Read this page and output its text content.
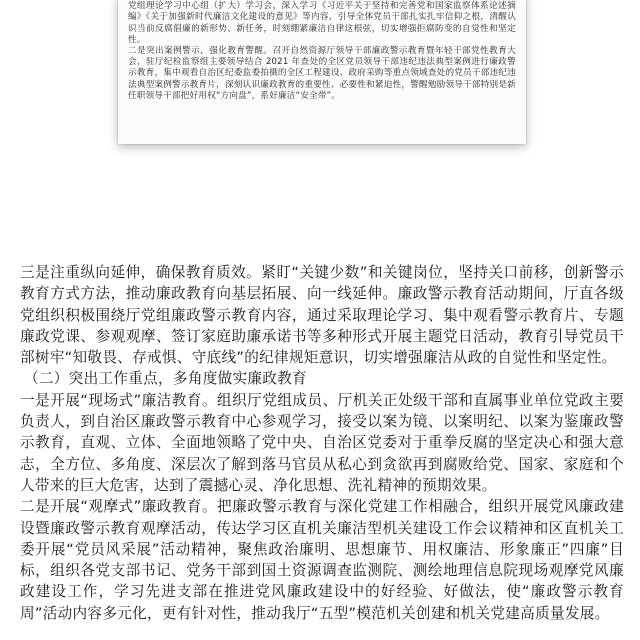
党组理论学习中心组（扩大）学习会，深入学习《习近平关于坚持和完善党和国家监察体系论述摘编》《关于加强新时代廉洁文化建设的意见》等内容，引导全体党员干部扎实扎牢信仰之根，清醒认识当前反腐倡廉的新形势、新任务，时刻绷紧廉洁自律这根弦，切实增强拒腐防变的自觉性和坚定性。

二是突出案例警示，强化教育警醒。召开自然资源厅领导干部廉政警示教育暨年轻干部党性教育大会，驻厅纪检监察组主要领导结合 2021 年查处的全区党员领导干部违纪违法典型案例进行廉政警示教育，集中观看自治区纪委监委拍摄的全区工程建设、政府采购等重点领域查处的党员干部违纪违法典型案例警示教育片，深刻认识廉政教育的重要性、必要性和紧迫性，警醒勉励领导干部特别是新任职领导干部把好用权“方向盘”，系好廉洁“安全带”。

三是注重纵向延伸，确保教育质效。紧盯“关键少数”和关键岗位，坚持关口前移，创新警示教育方式方法，推动廉政教育向基层拓展、向一线延伸。廉政警示教育活动期间，厅直各级党组织积极围绕厅党组廉政警示教育内容，通过采取理论学习、集中观看警示教育片、专题廉政党课、参观观摩、签订家庭助廉承诺书等多种形式开展主题党日活动，教育引导党员干部树牢“知敬畏、存戒惧、守底线”的纪律规矩意识，切实增强廉洁从政的自觉性和坚定性。

（二）突出工作重点，多角度做实廉政教育

一是开展“现场式”廉洁教育。组织厅党组成员、厅机关正处级干部和直属事业单位党政主要负责人，到自治区廉政警示教育中心参观学习，接受以案为镜、以案明纪、以案为鉴廉政警示教育，直观、立体、全面地领略了党中央、自治区党委对于重拳反腐的坚定决心和强大意志，全方位、多角度、深层次了解到落马官员从私心到贪欲再到腐败给党、国家、家庭和个人带来的巨大危害，达到了震撼心灵、净化思想、洗礼精神的预期效果。

二是开展“观摩式”廉政教育。把廉政警示教育与深化党建工作相融合，组织开展党风廉政建设暨廉政警示教育观摩活动，传达学习区直机关廉洁型机关建设工作会议精神和区直机关工委开展“党员风采展”活动精神，聚焦政治廉明、思想廉节、用权廉洁、形象廉正”四廉”目标，组织各党支部书记、党务干部到国土资源调查监测院、测绘地理信息院现场观摩党风廉政建设工作，学习先进支部在推进党风廉政建设中的好经验、好做法，使“廉政警示教育周”活动内容多元化，更有针对性，推动我厅“五型”模范机关创建和机关党建高质量发展。
